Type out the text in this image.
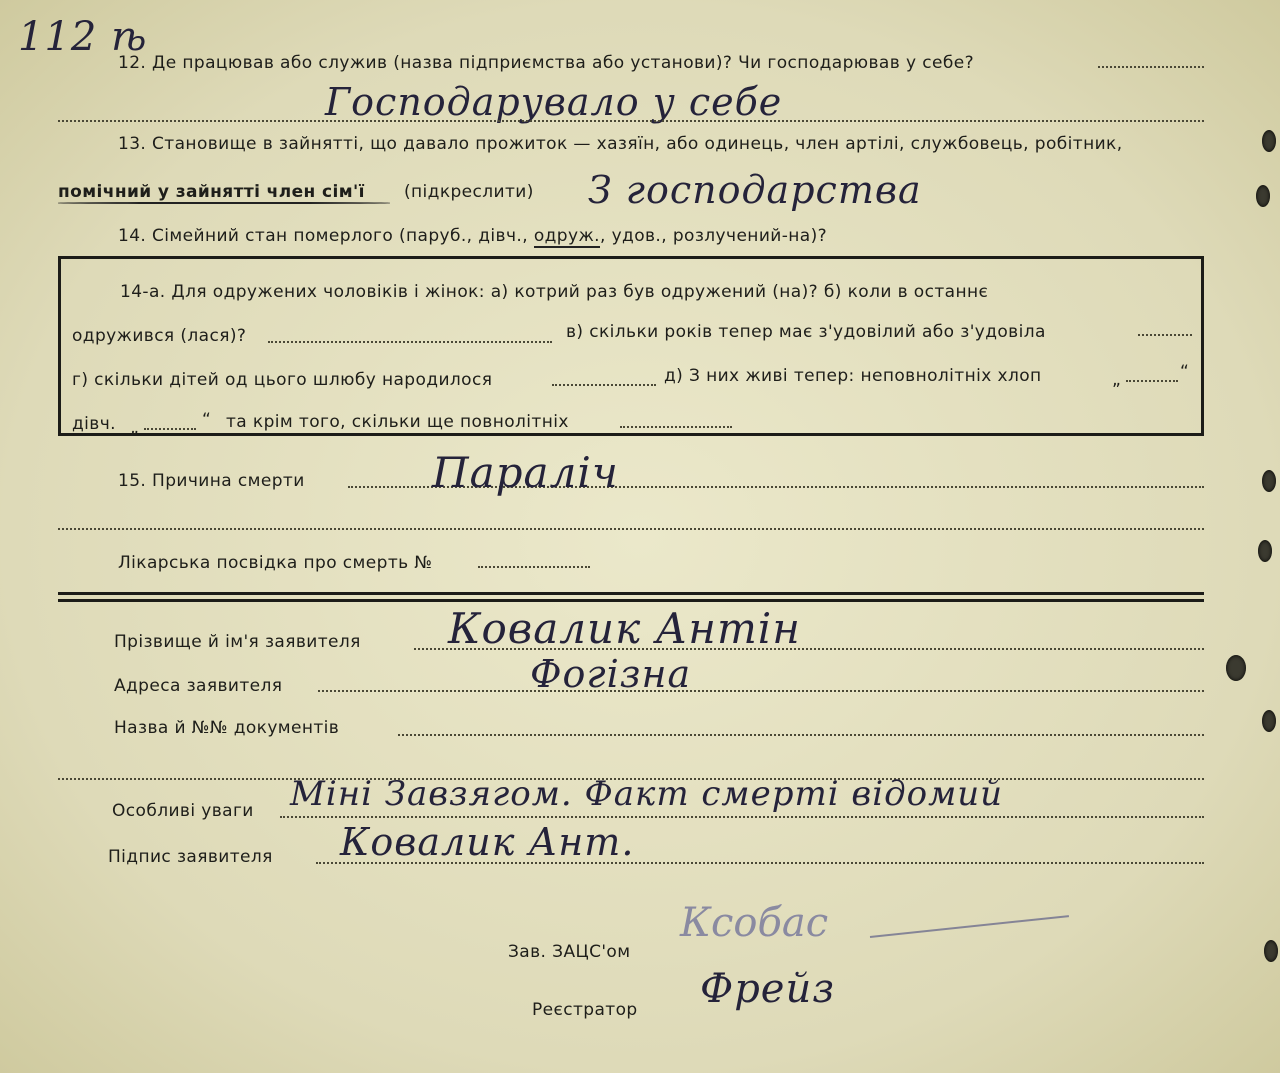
112 ѣ
12. Де працював або служив (назва підприємства або установи)? Чи господарював у себе?
Господарувало у себе
13. Становище в зайнятті, що давало прожиток — хазяїн, або одинець, член артілі, службовець, робітник,
помічний у зайнятті член сім'ї (підкреслити) З господарства
14. Сімейний стан померлого (паруб., дівч., одруж., удов., розлучений-на)?
14-а. Для одружених чоловіків і жінок: а) котрий раз був одружений (на)? б) коли в останнє
одружився (лася)?	в) скільки років тепер має з'удовілий або з'удовіла
г) скільки дітей од цього шлюбу народилося	д) З них живі тепер: неповнолітніх хлоп	„	“
дівч. „	“ та крім того, скільки ще повнолітніх
15. Причина смерти	Параліч
Лікарська посвідка про смерть №
Прізвище й ім'я заявителя Ковалик Антін
Адреса заявителя	Фогізна
Назва й №№ документів
Особливі уваги Міні Завзягом. Факт смерті відомий
Підпис заявителя Ковалик Ант.
Зав. ЗАЦС'ом
Ксобас
Реєстратор Фрейз
